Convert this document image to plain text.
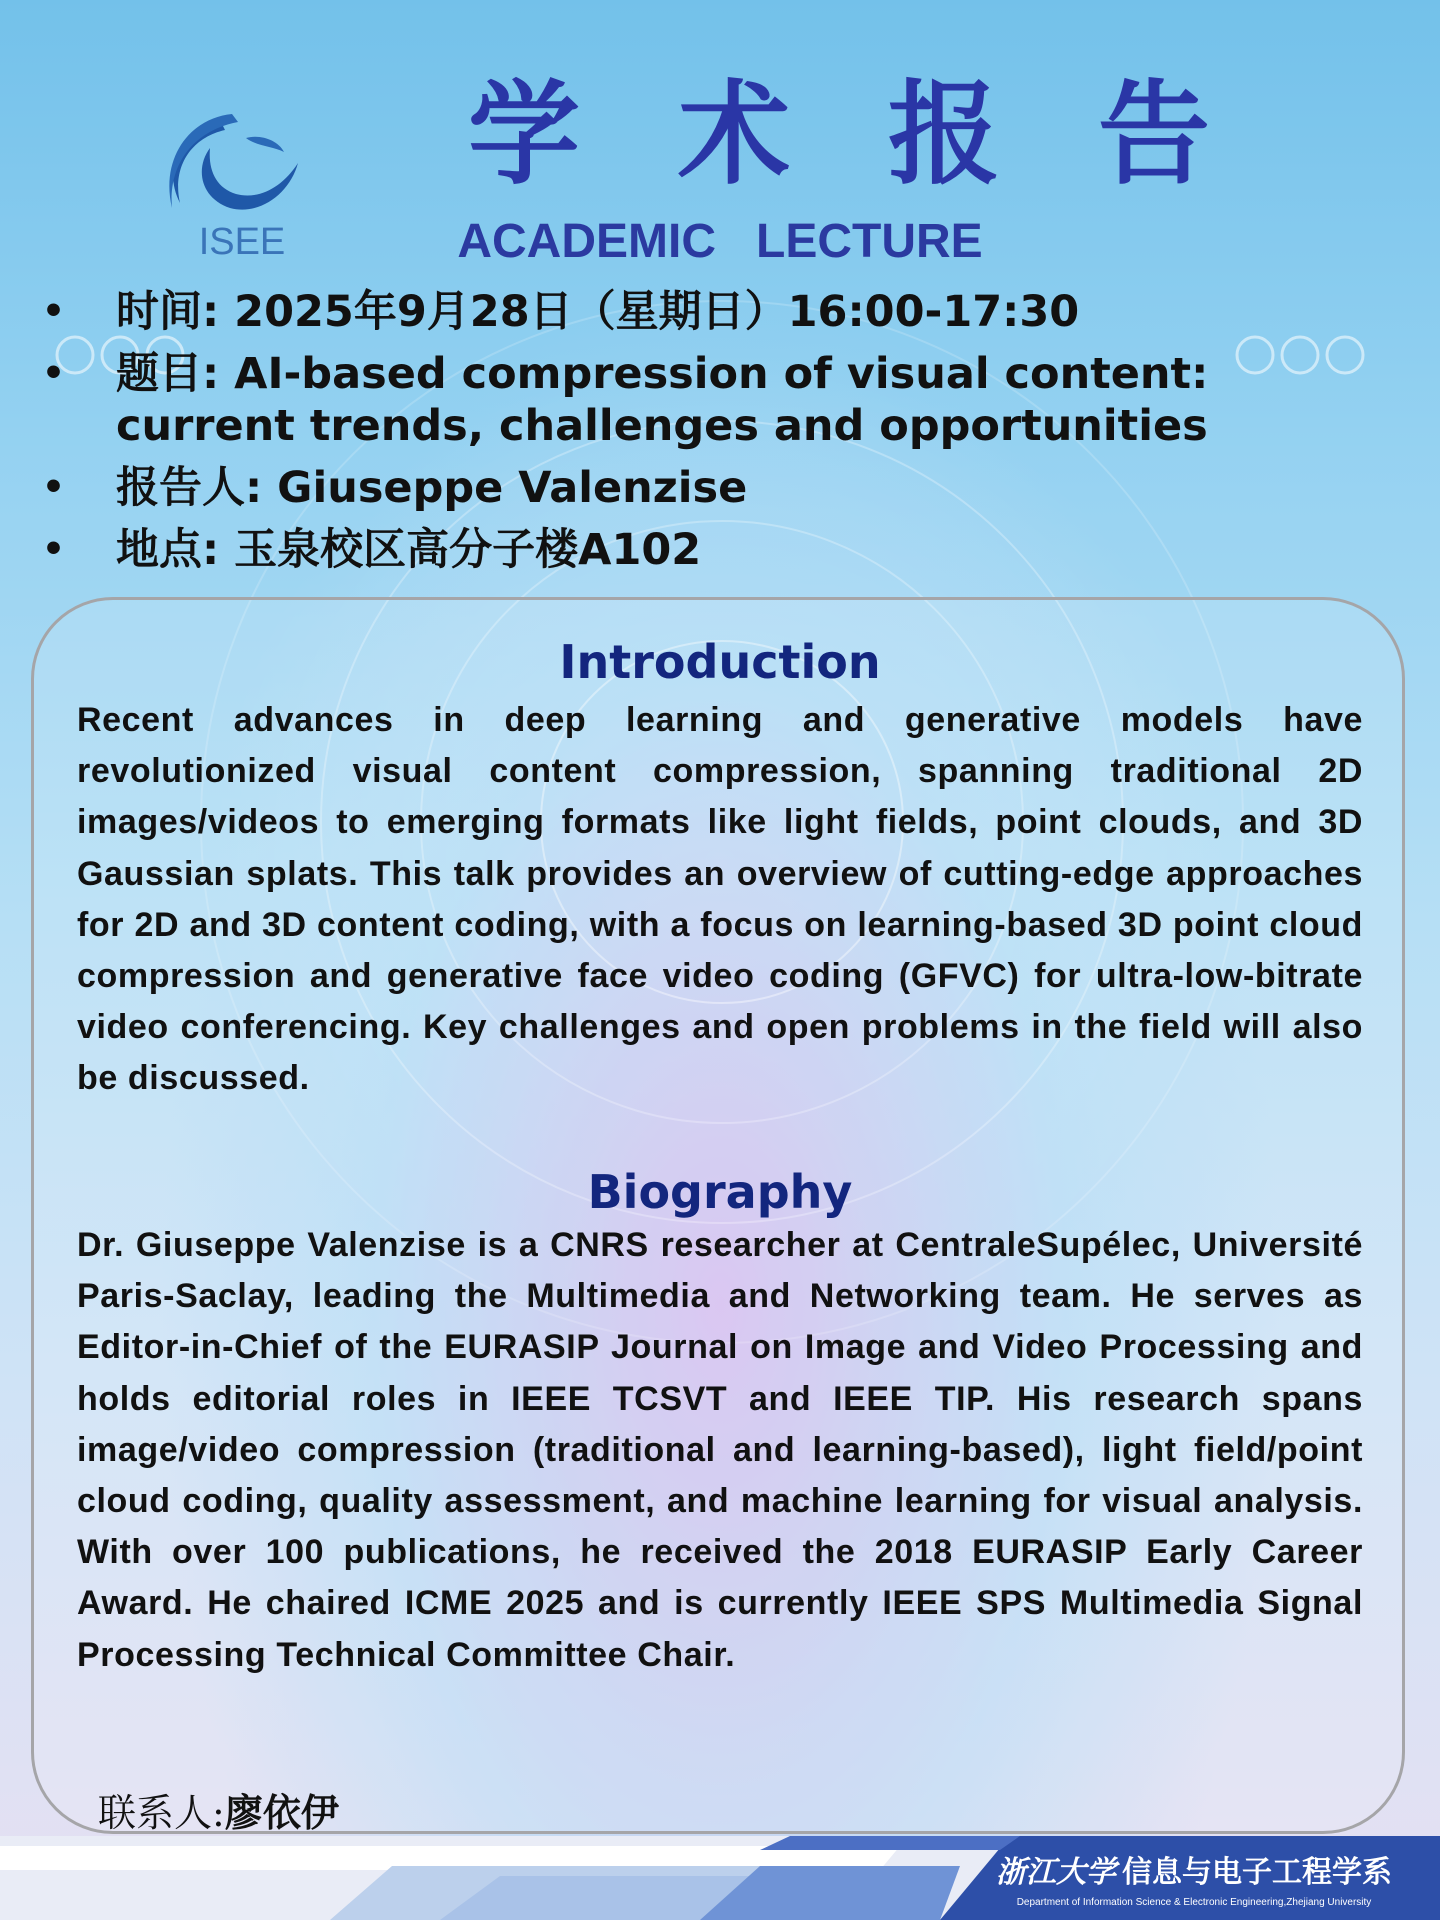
ISEE
学术报告
ACADEMIC   LECTURE
• 时间: 2025年9月28日（星期日）16:00-17:30
• 题目: AI-based compression of visual content: current trends, challenges and opportunities
• 报告人: Giuseppe Valenzise
• 地点: 玉泉校区高分子楼A102
Introduction

Recent advances in deep learning and generative models have revolutionized visual content compression, spanning traditional 2D images/videos to emerging formats like light fields, point clouds, and 3D Gaussian splats. This talk provides an overview of cutting-edge approaches for 2D and 3D content coding, with a focus on learning-based 3D point cloud compression and generative face video coding (GFVC) for ultra-low-bitrate video conferencing. Key challenges and open problems in the field will also be discussed.

Biography

Dr. Giuseppe Valenzise is a CNRS researcher at CentraleSupélec, Université Paris-Saclay, leading the Multimedia and Networking team. He serves as Editor-in-Chief of the EURASIP Journal on Image and Video Processing and holds editorial roles in IEEE TCSVT and IEEE TIP. His research spans image/video compression (traditional and learning-based), light field/point cloud coding, quality assessment, and machine learning for visual analysis. With over 100 publications, he received the 2018 EURASIP Early Career Award. He chaired ICME 2025 and is currently IEEE SPS Multimedia Signal Processing Technical Committee Chair.

联系人:廖依伊
浙江大学 信息与电子工程学系
Department of Information Science & Electronic Engineering,Zhejiang University
